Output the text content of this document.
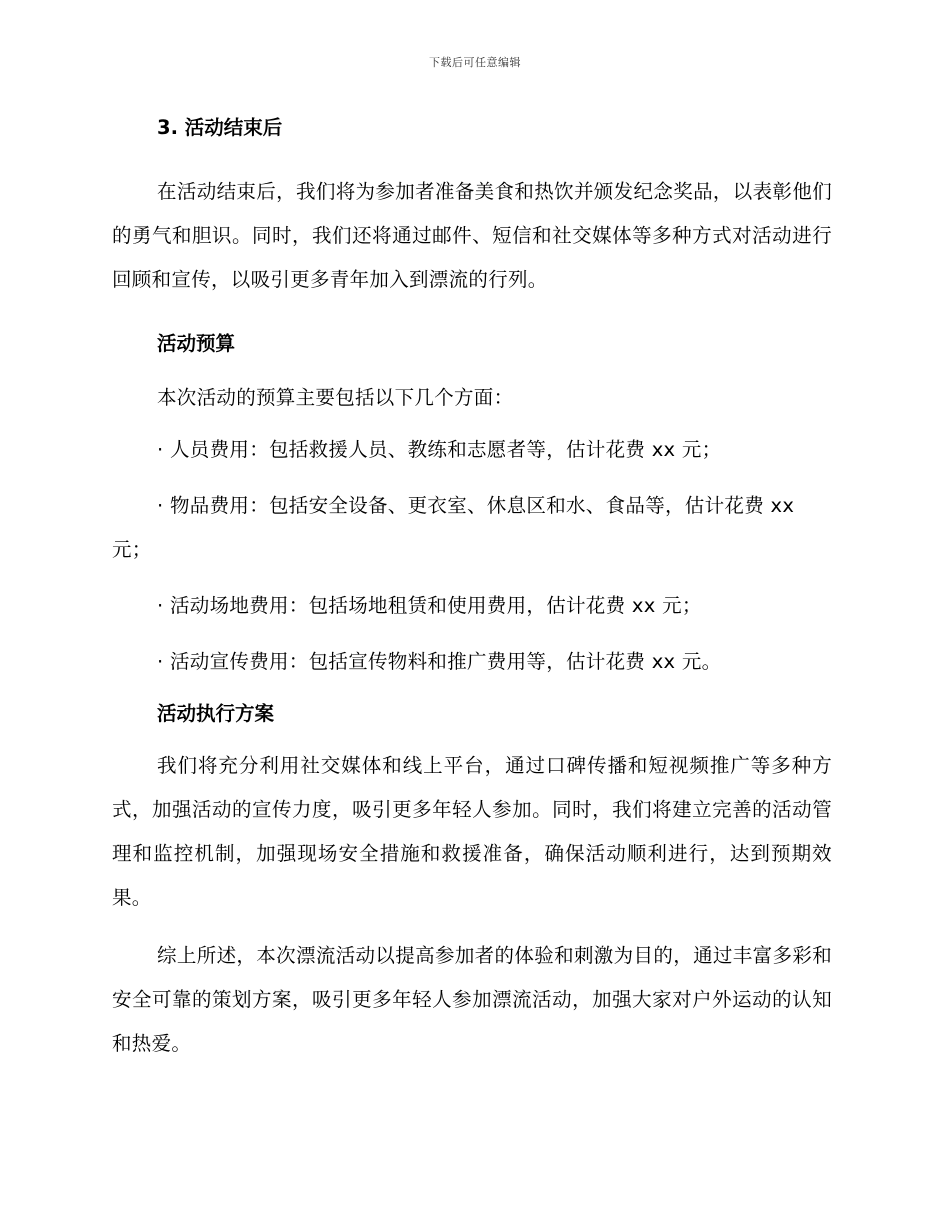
下载后可任意编辑
3. 活动结束后

在活动结束后，我们将为参加者准备美食和热饮并颁发纪念奖品，以表彰他们的勇气和胆识。同时，我们还将通过邮件、短信和社交媒体等多种方式对活动进行回顾和宣传，以吸引更多青年加入到漂流的行列。

活动预算

本次活动的预算主要包括以下几个方面：

· 人员费用：包括救援人员、教练和志愿者等，估计花费 xx 元；

· 物品费用：包括安全设备、更衣室、休息区和水、食品等，估计花费 xx 元；

· 活动场地费用：包括场地租赁和使用费用，估计花费 xx 元；

· 活动宣传费用：包括宣传物料和推广费用等，估计花费 xx 元。

活动执行方案

我们将充分利用社交媒体和线上平台，通过口碑传播和短视频推广等多种方式，加强活动的宣传力度，吸引更多年轻人参加。同时，我们将建立完善的活动管理和监控机制，加强现场安全措施和救援准备，确保活动顺利进行，达到预期效果。

综上所述，本次漂流活动以提高参加者的体验和刺激为目的，通过丰富多彩和安全可靠的策划方案，吸引更多年轻人参加漂流活动，加强大家对户外运动的认知和热爱。
